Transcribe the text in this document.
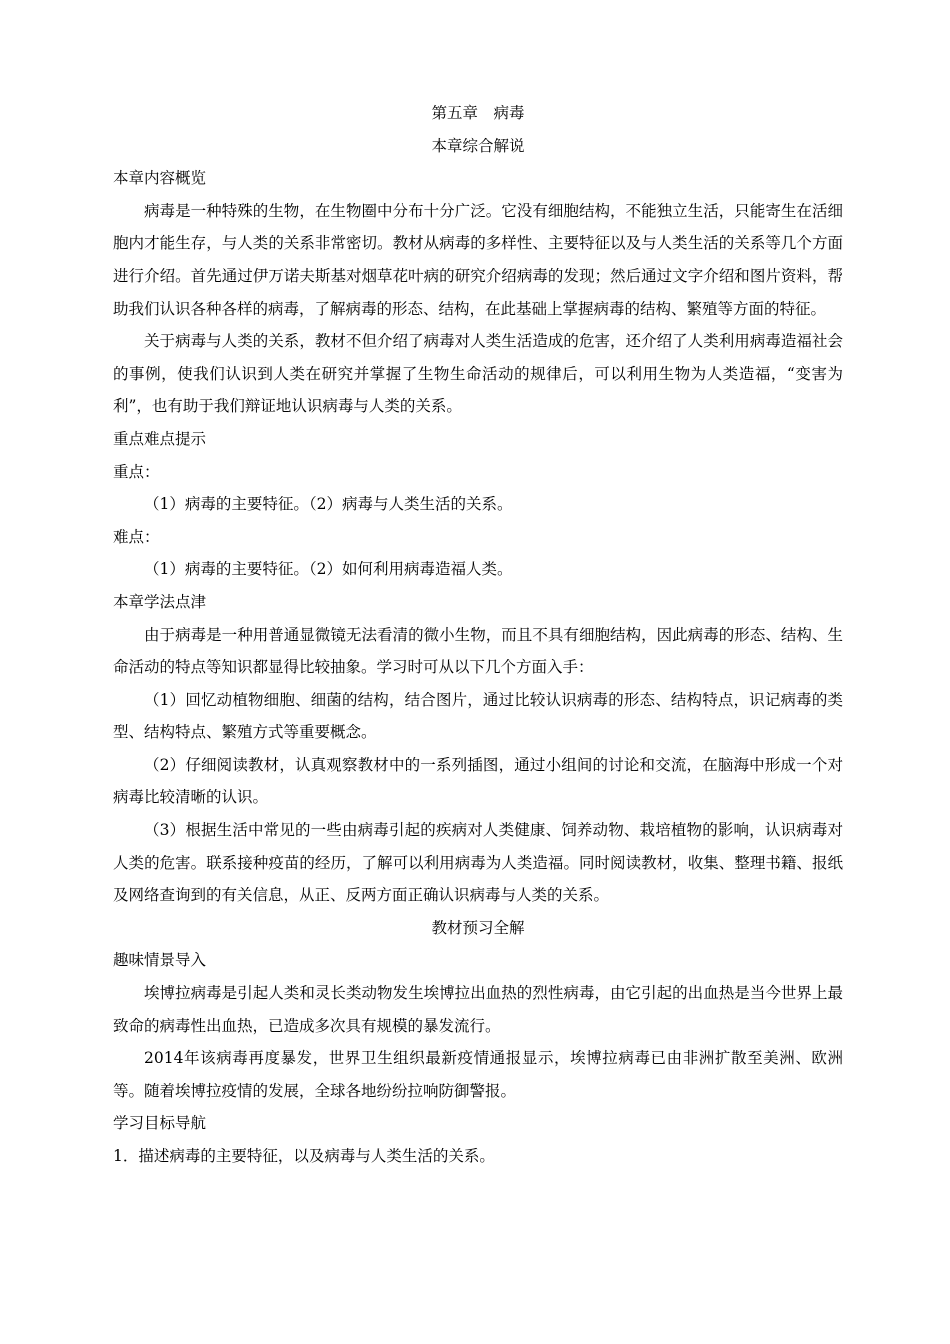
第五章　病毒
本章综合解说
本章内容概览

病毒是一种特殊的生物，在生物圈中分布十分广泛。它没有细胞结构，不能独立生活，只能寄生在活细胞内才能生存，与人类的关系非常密切。教材从病毒的多样性、主要特征以及与人类生活的关系等几个方面进行介绍。首先通过伊万诺夫斯基对烟草花叶病的研究介绍病毒的发现；然后通过文字介绍和图片资料，帮助我们认识各种各样的病毒，了解病毒的形态、结构，在此基础上掌握病毒的结构、繁殖等方面的特征。

关于病毒与人类的关系，教材不但介绍了病毒对人类生活造成的危害，还介绍了人类利用病毒造福社会的事例，使我们认识到人类在研究并掌握了生物生命活动的规律后，可以利用生物为人类造福，“变害为利”，也有助于我们辩证地认识病毒与人类的关系。

重点难点提示
重点：
（1）病毒的主要特征。（2）病毒与人类生活的关系。
难点：
（1）病毒的主要特征。（2）如何利用病毒造福人类。
本章学法点津

由于病毒是一种用普通显微镜无法看清的微小生物，而且不具有细胞结构，因此病毒的形态、结构、生命活动的特点等知识都显得比较抽象。学习时可从以下几个方面入手：

（1）回忆动植物细胞、细菌的结构，结合图片，通过比较认识病毒的形态、结构特点，识记病毒的类型、结构特点、繁殖方式等重要概念。

（2）仔细阅读教材，认真观察教材中的一系列插图，通过小组间的讨论和交流，在脑海中形成一个对病毒比较清晰的认识。

（3）根据生活中常见的一些由病毒引起的疾病对人类健康、饲养动物、栽培植物的影响，认识病毒对人类的危害。联系接种疫苗的经历，了解可以利用病毒为人类造福。同时阅读教材，收集、整理书籍、报纸及网络查询到的有关信息，从正、反两方面正确认识病毒与人类的关系。

教材预习全解
趣味情景导入

埃博拉病毒是引起人类和灵长类动物发生埃博拉出血热的烈性病毒，由它引起的出血热是当今世界上最致命的病毒性出血热，已造成多次具有规模的暴发流行。

2014年该病毒再度暴发，世界卫生组织最新疫情通报显示，埃博拉病毒已由非洲扩散至美洲、欧洲等。随着埃博拉疫情的发展，全球各地纷纷拉响防御警报。

学习目标导航
1．描述病毒的主要特征，以及病毒与人类生活的关系。
